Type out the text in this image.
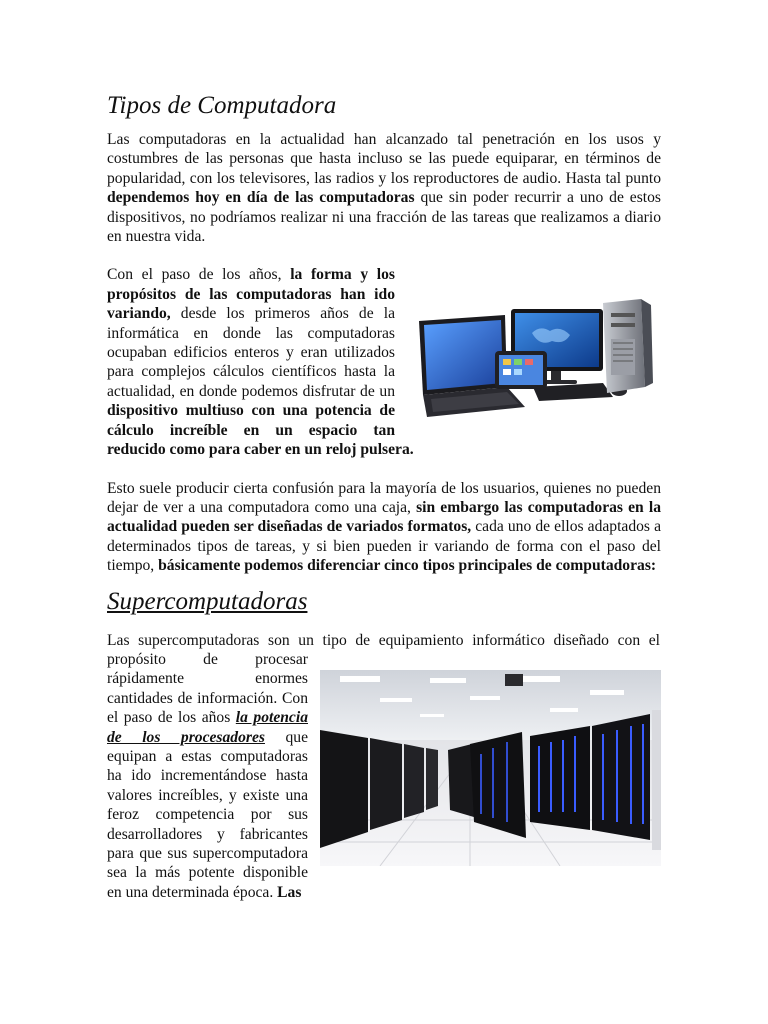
Tipos de Computadora

Las computadoras en la actualidad han alcanzado tal penetración en los usos y costumbres de las personas que hasta incluso se las puede equiparar, en términos de popularidad, con los televisores, las radios y los reproductores de audio. Hasta tal punto dependemos hoy en día de las computadoras que sin poder recurrir a uno de estos dispositivos, no podríamos realizar ni una fracción de las tareas que realizamos a diario en nuestra vida.

Con el paso de los años, la forma y los propósitos de las computadoras han ido variando, desde los primeros años de la informática en donde las computadoras ocupaban edificios enteros y eran utilizados para complejos cálculos científicos hasta la actualidad, en donde podemos disfrutar de un dispositivo multiuso con una potencia de cálculo increíble en un espacio tan reducido como para caber en un reloj pulsera.

Esto suele producir cierta confusión para la mayoría de los usuarios, quienes no pueden dejar de ver a una computadora como una caja, sin embargo las computadoras en la actualidad pueden ser diseñadas de variados formatos, cada uno de ellos adaptados a determinados tipos de tareas, y si bien pueden ir variando de forma con el paso del tiempo, básicamente podemos diferenciar cinco tipos principales de computadoras:

Supercomputadoras

Las supercomputadoras son un tipo de equipamiento informático diseñado con el propósito de procesar rápidamente enormes cantidades de información. Con el paso de los años la potencia de los procesadores que equipan a estas computadoras ha ido incrementándose hasta valores increíbles, y existe una feroz competencia por sus desarrolladores y fabricantes para que sus supercomputadora sea la más potente disponible en una determinada época. Las
